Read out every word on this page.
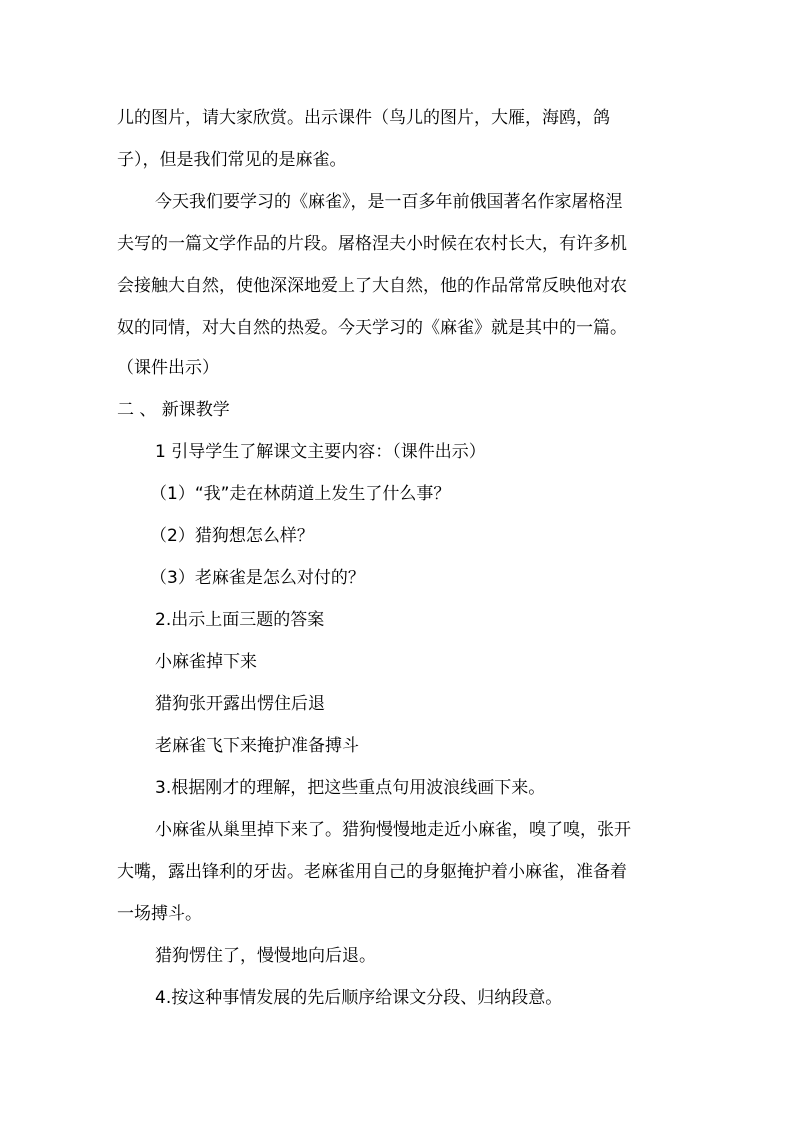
儿的图片，请大家欣赏。出示课件（鸟儿的图片，大雁，海鸥，鸽
子），但是我们常见的是麻雀。
今天我们要学习的《麻雀》，是一百多年前俄国著名作家屠格涅
夫写的一篇文学作品的片段。屠格涅夫小时候在农村长大，有许多机
会接触大自然，使他深深地爱上了大自然，他的作品常常反映他对农
奴的同情，对大自然的热爱。今天学习的《麻雀》就是其中的一篇。
（课件出示）
二 、 新课教学
1 引导学生了解课文主要内容：（课件出示）
（1）“我”走在林荫道上发生了什么事？
（2）猎狗想怎么样？
（3）老麻雀是怎么对付的？
2.出示上面三题的答案
小麻雀掉下来
猎狗张开露出愣住后退
老麻雀飞下来掩护准备搏斗
3.根据刚才的理解，把这些重点句用波浪线画下来。
小麻雀从巢里掉下来了。猎狗慢慢地走近小麻雀，嗅了嗅，张开
大嘴，露出锋利的牙齿。老麻雀用自己的身躯掩护着小麻雀，准备着
一场搏斗。
猎狗愣住了，慢慢地向后退。
4.按这种事情发展的先后顺序给课文分段、归纳段意。
